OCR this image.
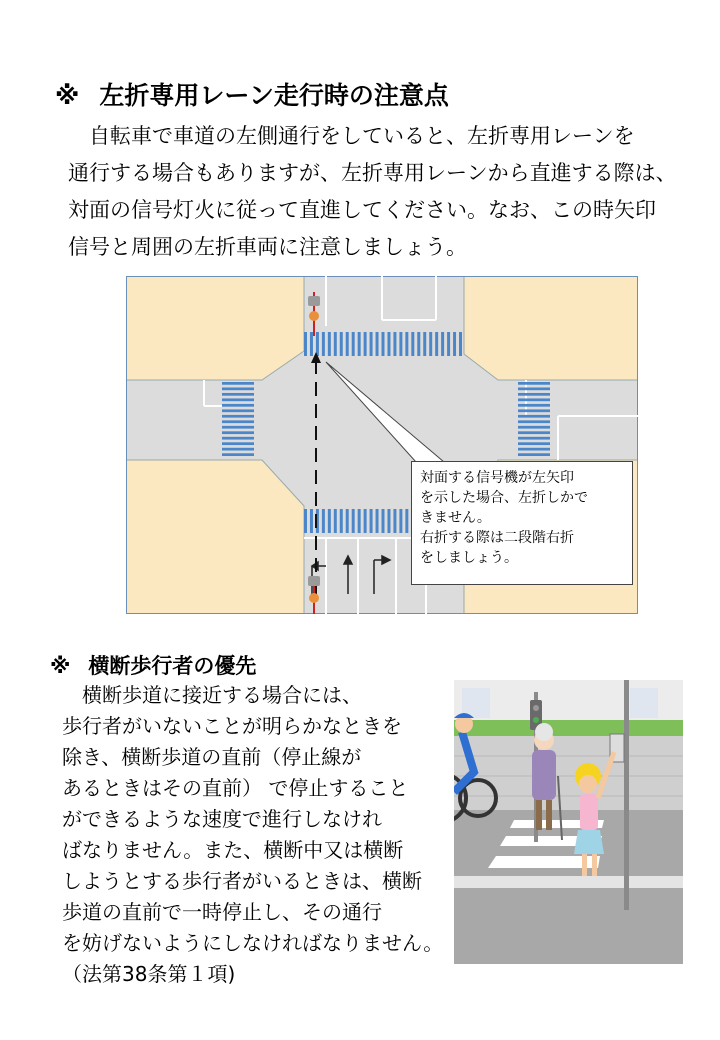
※ 左折専用レーン走行時の注意点
　自転車で車道の左側通行をしていると、左折専用レーンを
通行する場合もありますが、左折専用レーンから直進する際は、
対面の信号灯火に従って直進してください。なお、この時矢印
信号と周囲の左折車両に注意しましょう。
対面する信号機が左矢印
を示した場合、左折しかで
きません。
右折する際は二段階右折
をしましょう。
※ 横断歩行者の優先
　横断歩道に接近する場合には、
歩行者がいないことが明らかなときを
除き、横断歩道の直前（停止線が
あるときはその直前） で停止すること
ができるような速度で進行しなけれ
ばなりません。また、横断中又は横断
しようとする歩行者がいるときは、横断
歩道の直前で一時停止し、その通行
を妨げないようにしなければなりません。
（法第38条第１項)
